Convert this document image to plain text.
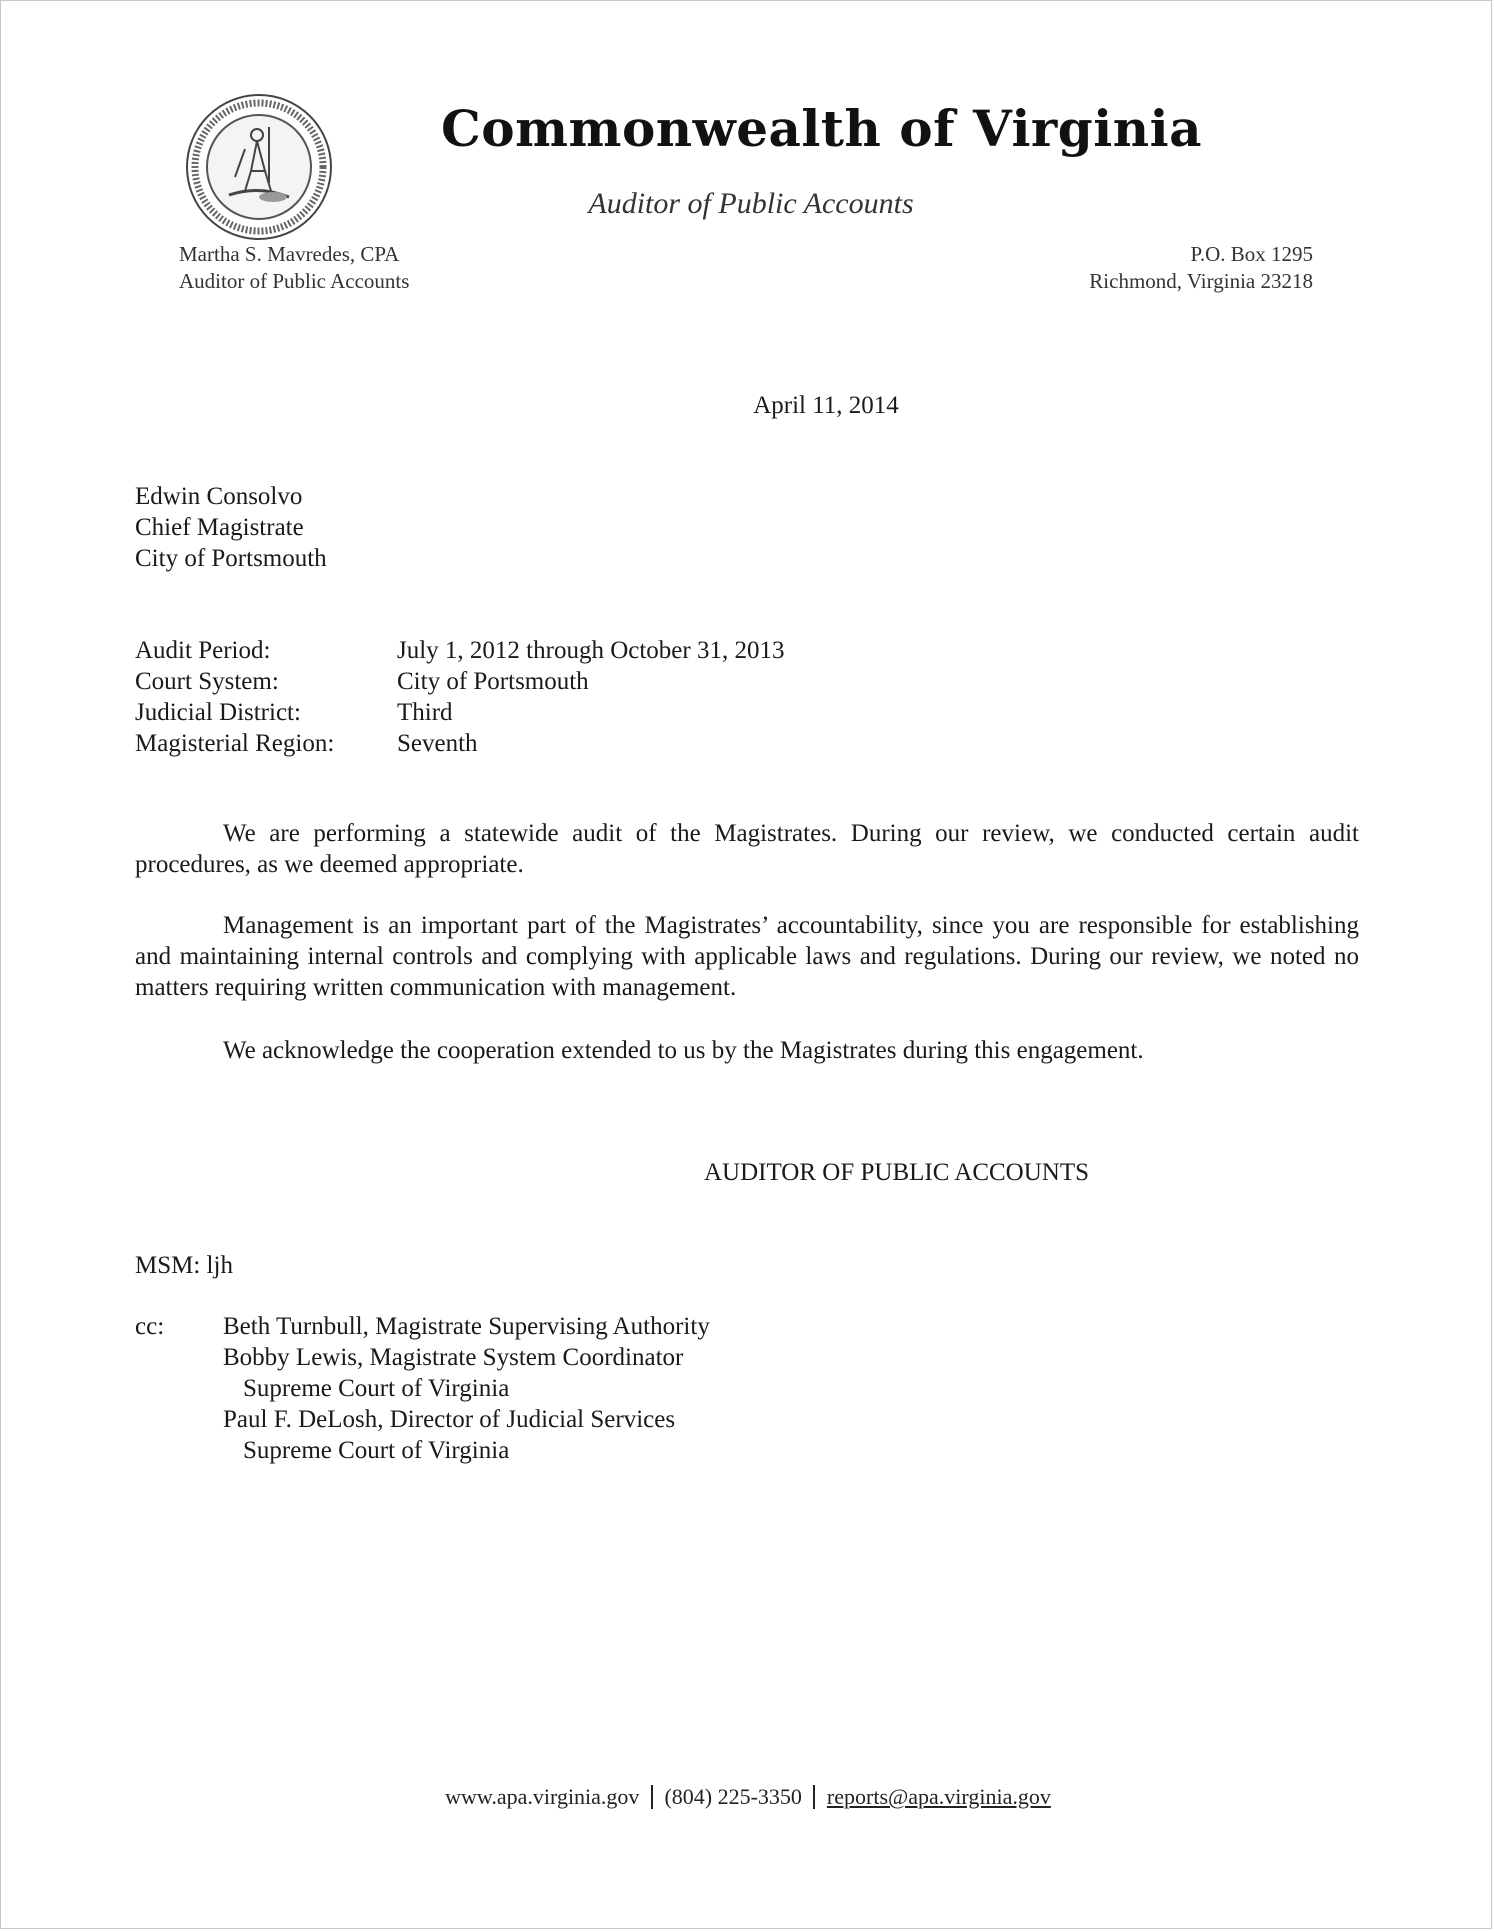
Commonwealth of Virginia
Auditor of Public Accounts
Martha S. Mavredes, CPA
Auditor of Public Accounts
P.O. Box 1295
Richmond, Virginia 23218
April 11, 2014
Edwin Consolvo
Chief Magistrate
City of Portsmouth
Audit Period:	July 1, 2012 through October 31, 2013
Court System:	City of Portsmouth
Judicial District:	Third
Magisterial Region:	Seventh

We are performing a statewide audit of the Magistrates. During our review, we conducted certain audit procedures, as we deemed appropriate.

Management is an important part of the Magistrates’ accountability, since you are responsible for establishing and maintaining internal controls and complying with applicable laws and regulations. During our review, we noted no matters requiring written communication with management.

We acknowledge the cooperation extended to us by the Magistrates during this engagement.

AUDITOR OF PUBLIC ACCOUNTS
MSM: ljh
cc:	Beth Turnbull, Magistrate Supervising Authority
Bobby Lewis, Magistrate System Coordinator
Supreme Court of Virginia
Paul F. DeLosh, Director of Judicial Services
Supreme Court of Virginia
www.apa.virginia.gov (804) 225-3350 reports@apa.virginia.gov
